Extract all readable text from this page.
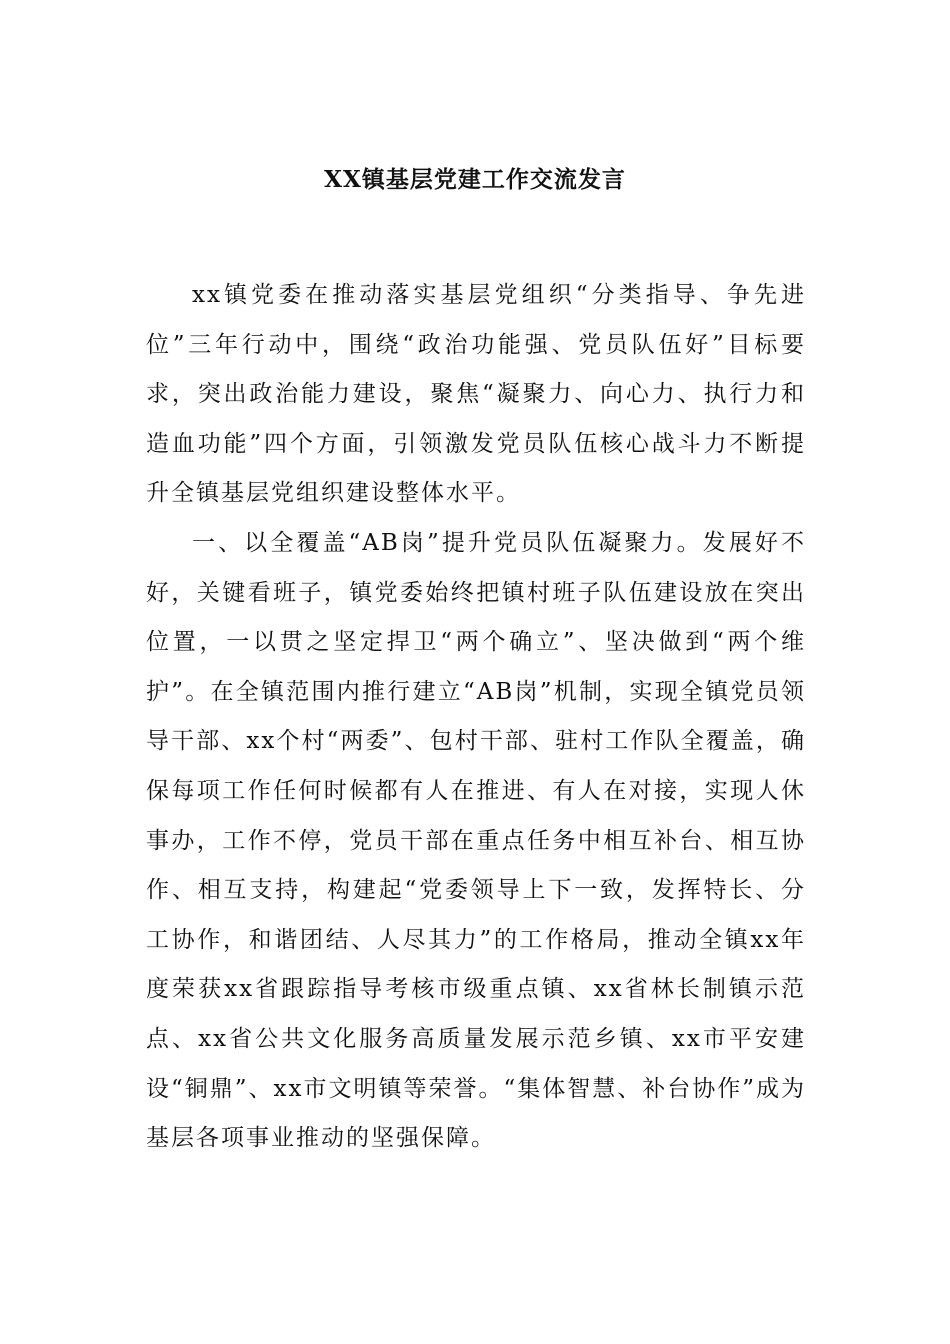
XX镇基层党建工作交流发言

xx镇党委在推动落实基层党组织“分类指导、争先进位”三年行动中，围绕“政治功能强、党员队伍好”目标要求，突出政治能力建设，聚焦“凝聚力、向心力、执行力和造血功能”四个方面，引领激发党员队伍核心战斗力不断提升全镇基层党组织建设整体水平。

一、以全覆盖“AB岗”提升党员队伍凝聚力。发展好不好，关键看班子，镇党委始终把镇村班子队伍建设放在突出位置，一以贯之坚定捍卫“两个确立”、坚决做到“两个维护”。在全镇范围内推行建立“AB岗”机制，实现全镇党员领导干部、xx个村“两委”、包村干部、驻村工作队全覆盖，确保每项工作任何时候都有人在推进、有人在对接，实现人休事办，工作不停，党员干部在重点任务中相互补台、相互协作、相互支持，构建起“党委领导上下一致，发挥特长、分工协作，和谐团结、人尽其力”的工作格局，推动全镇xx年度荣获xx省跟踪指导考核市级重点镇、xx省林长制镇示范点、xx省公共文化服务高质量发展示范乡镇、xx市平安建设“铜鼎”、xx市文明镇等荣誉。“集体智慧、补台协作”成为基层各项事业推动的坚强保障。
